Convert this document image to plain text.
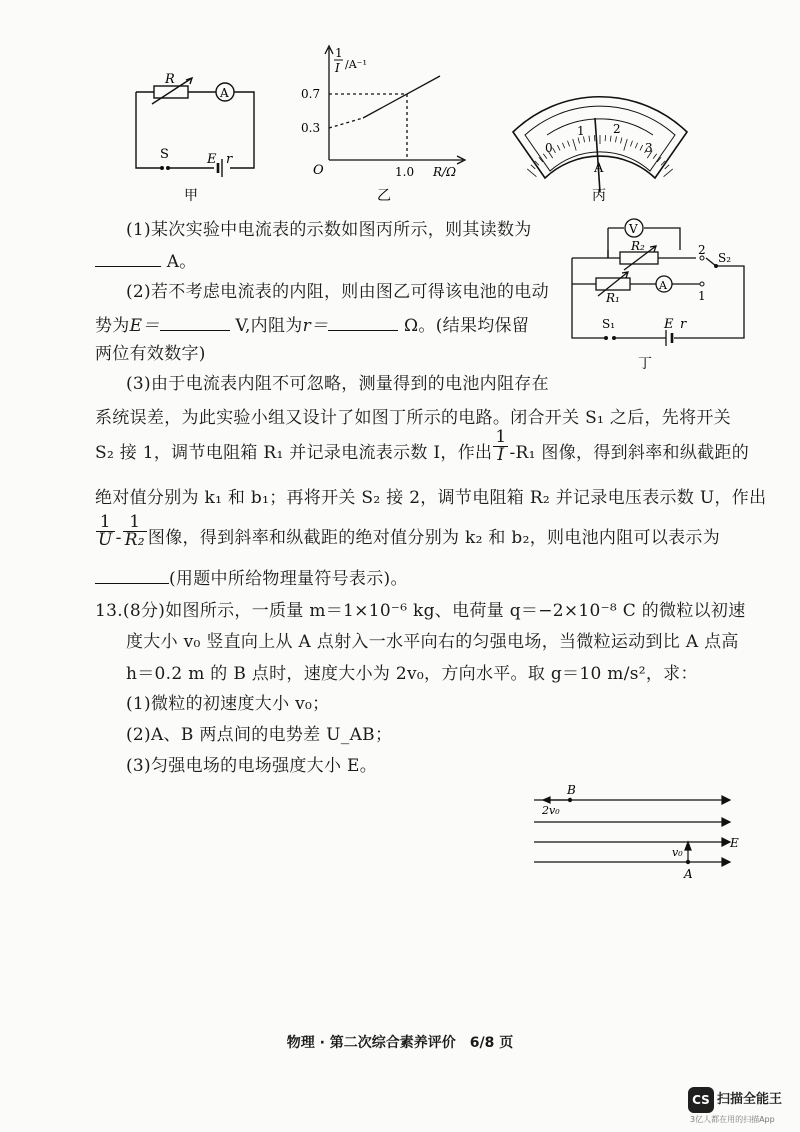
R
A
S	E r
甲
1
I /A⁻¹
0.7
0.3
O	1.0 R/Ω
乙
0
1 2
3
A
丙
V
R₂
A
R₁
2
1
S₂
S₁	E r
丁
(1)某次实验中电流表的示数如图丙所示，则其读数为
A。
(2)若不考虑电流表的内阻，则由图乙可得该电池的电动
势为E＝	V,内阻为r＝	Ω。(结果均保留
两位有效数字)
(3)由于电流表内阻不可忽略，测量得到的电池内阻存在
系统误差，为此实验小组又设计了如图丁所示的电路。闭合开关 S₁ 之后，先将开关
S₂ 接 1，调节电阻箱 R₁ 并记录电流表示数 I，作出 $\frac{1}{I} -R_1$ 图像，得到斜率和纵截距的
绝对值分别为 k₁ 和 b₁；再将开关 S₂ 接 2，调节电阻箱 R₂ 并记录电压表示数 U，作出
$\frac{1}{U} - \frac{1}{\text{R₂}}$ 图像，得到斜率和纵截距的绝对值分别为 k₂ 和 b₂，则电池内阻可以表示为
(用题中所给物理量符号表示)。
13.(8分)如图所示，一质量 m＝1×10⁻⁶ kg、电荷量 q＝−2×10⁻⁸ C 的微粒以初速
度大小 v₀ 竖直向上从 A 点射入一水平向右的匀强电场，当微粒运动到比 A 点高
h＝0.2 m 的 B 点时，速度大小为 2v₀，方向水平。取 g＝10 m/s²，求：
(1)微粒的初速度大小 v₀；
(2)A、B 两点间的电势差 U_AB；
(3)匀强电场的电场强度大小 E。
B
2v₀
E
v₀
A
物理 · 第二次综合素养评价　6/8 页
CS 扫描全能王
3亿人都在用的扫描App
